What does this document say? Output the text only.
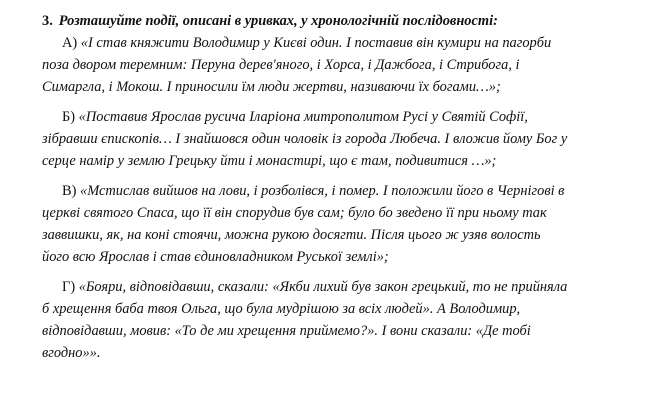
3. Розташуйте події, описані в уривках, у хронологічній послідовності:
А) «І став княжити Володимир у Києві один. І поставив він кумири на пагорби
поза двором теремним: Перуна дерев'яного, і Хорса, і Дажбога, і Стрибога, і
Симаргла, і Мокош. І приносили їм люди жертви, називаючи їх богами…»;
Б) «Поставив Ярослав русича Іларіона митрополитом Русі у Святій Софії,
зібравши єпископів… І знайшовся один чоловік із города Любеча. І вложив йому Бог у
серце намір у землю Грецьку йти і монастирі, що є там, подивитися …»;
В) «Мстислав вийшов на лови, і розболівся, і помер. І положили його в Чернігові в
церкві святого Спаса, що її він спорудив був сам; було бо зведено її при ньому так
заввишки, як, на коні стоячи, можна рукою досягти. Після цього ж узяв волость
його всю Ярослав і став єдиновладником Руської землі»;
Г) «Бояри, відповідавши, сказали: «Якби лихий був закон грецький, то не прийняла
б хрещення баба твоя Ольга, що була мудрішою за всіх людей». А Володимир,
відповідавши, мовив: «То де ми хрещення приймемо?». І вони сказали: «Де тобі
вгодно»».
